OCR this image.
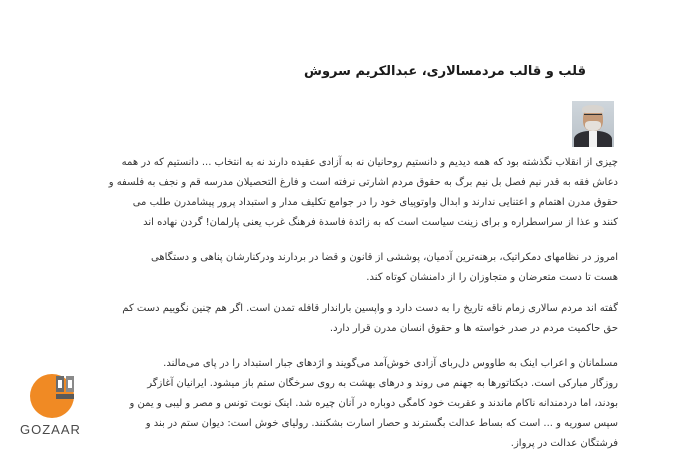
قلب و قالب مردمسالاری، عبدالکریم سروش
چیزی از انقلاب نگذشته بود که همه دیدیم و دانستیم روحانیان نه به آزادی عقیده دارند نه به انتخاب ... دانستیم که در همه
دعاش فقه به قدر نیم فصل بل نیم برگ به حقوق مردم اشارتی نرفته است و فارغ التحصیلان مدرسه قم و نجف به فلسفه و
حقوق مدرن اهتمام و اعتنایی ندارند و ابدال واوتوپیای خود را در جوامع تکلیف مدار و استبداد پرور پیشامدرن طلب می
کنند و عذا از سراسطراره و برای زینت سیاست است که به زائدة فاسدة فرهنگ غرب یعنی پارلمان! گردن نهاده اند
امروز در نظامهای دمکراتیک، برهنه‌ترین آدمیان، پوششی از قانون و قضا در بردارند ودرکنارشان پناهی و دستگاهی
هست تا دست متعرضان و متجاوزان را از دامنشان کوتاه کند.
گفته اند مردم سالاری زمام ناقه تاریخ را به دست دارد و واپسین باراندار قافله تمدن است. اگر هم چنین نگوییم دست کم
حق حاکمیت مردم در صدر خواسته ها و حقوق انسان مدرن قرار دارد.
مسلمانان و اعراب اینک به طاووس دل‌ربای آزادی خوش‌آمد می‌گویند و اژدهای جبار استبداد را در پای می‌مالند.
روزگار مبارکی است. دیکتاتورها به جهنم می روند و درهای بهشت به روی سرخگان ستم باز میشود. ایرانیان آغازگر
بودند، اما دردمندانه ناکام ماندند و عقربت خود کامگی دوباره در آنان چیره شد. اینک نوبت تونس و مصر و لیبی و یمن و
سپس سوریه و ... است که بساط عدالت بگسترند و حصار اسارت بشکنند. رولیای خوش است: دیوان ستم در بند و
فرشتگان عدالت در پرواز.
GOZAAR
